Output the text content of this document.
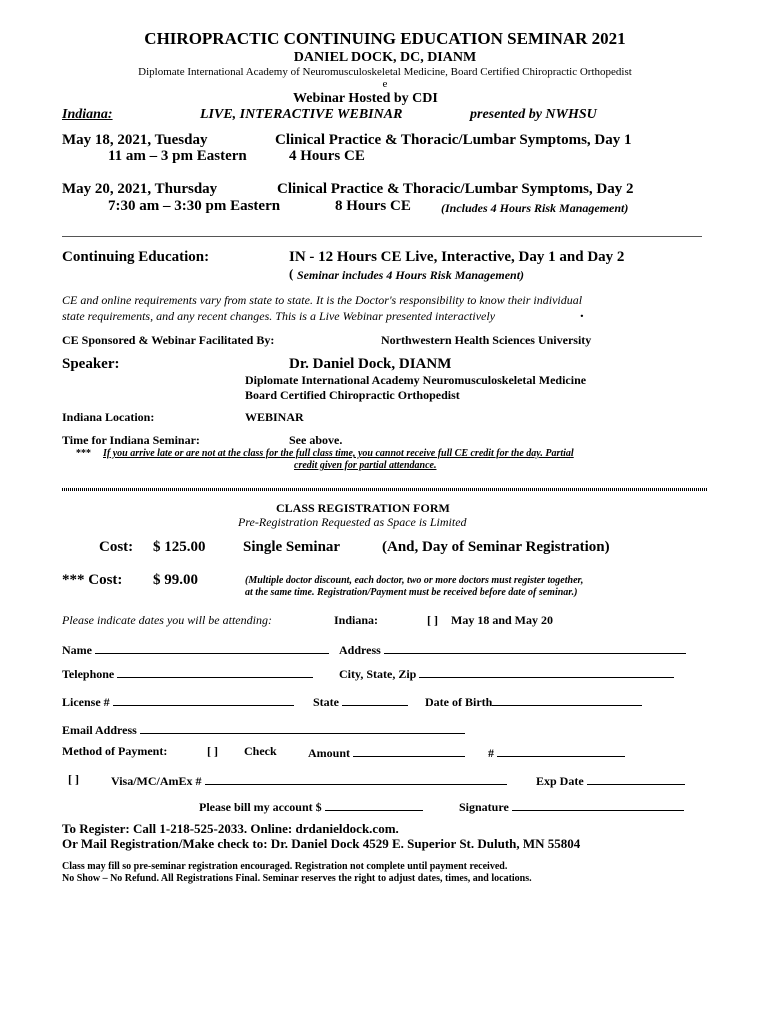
CHIROPRACTIC CONTINUING EDUCATION SEMINAR 2021
DANIEL DOCK, DC, DIANM
Diplomate International Academy of Neuromusculoskeletal Medicine, Board Certified Chiropractic Orthopedist
e
Webinar Hosted by CDI
Indiana:	LIVE, INTERACTIVE WEBINAR	presented by NWHSU
May 18, 2021, Tuesday	Clinical Practice & Thoracic/Lumbar Symptoms, Day 1
11 am – 3 pm Eastern	4 Hours CE
May 20, 2021, Thursday	Clinical Practice & Thoracic/Lumbar Symptoms, Day 2
7:30 am – 3:30 pm Eastern	8 Hours CE	(Includes 4 Hours Risk Management)
Continuing Education:	IN - 12 Hours CE Live, Interactive, Day 1 and Day 2
( Seminar includes 4 Hours Risk Management)
CE and online requirements vary from state to state. It is the Doctor's responsibility to know their individual
state requirements, and any recent changes. This is a Live Webinar presented interactively	.
CE Sponsored & Webinar Facilitated By:	Northwestern Health Sciences University
Speaker:	Dr. Daniel Dock, DIANM
Diplomate International Academy Neuromusculoskeletal Medicine
Board Certified Chiropractic Orthopedist
Indiana Location:	WEBINAR
Time for Indiana Seminar:	See above.
*** If you arrive late or are not at the class for the full class time, you cannot receive full CE credit for the day. Partial
credit given for partial attendance.
CLASS REGISTRATION FORM
Pre-Registration Requested as Space is Limited
Cost: $ 125.00	Single Seminar	(And, Day of Seminar Registration)
*** Cost: $ 99.00	(Multiple doctor discount, each doctor, two or more doctors must register together,
at the same time. Registration/Payment must be received before date of seminar.)
Please indicate dates you will be attending:	Indiana:	[ ] May 18 and May 20
Name	Address
Telephone	City, State, Zip
License #	State	Date of Birth
Email Address
Method of Payment:	[ ] Check	Amount	#
[ ]	Visa/MC/AmEx #	Exp Date
Please bill my account $	Signature
To Register: Call 1-218-525-2033. Online: drdanieldock.com.
Or Mail Registration/Make check to: Dr. Daniel Dock 4529 E. Superior St. Duluth, MN 55804
Class may fill so pre-seminar registration encouraged. Registration not complete until payment received.
No Show – No Refund. All Registrations Final. Seminar reserves the right to adjust dates, times, and locations.
